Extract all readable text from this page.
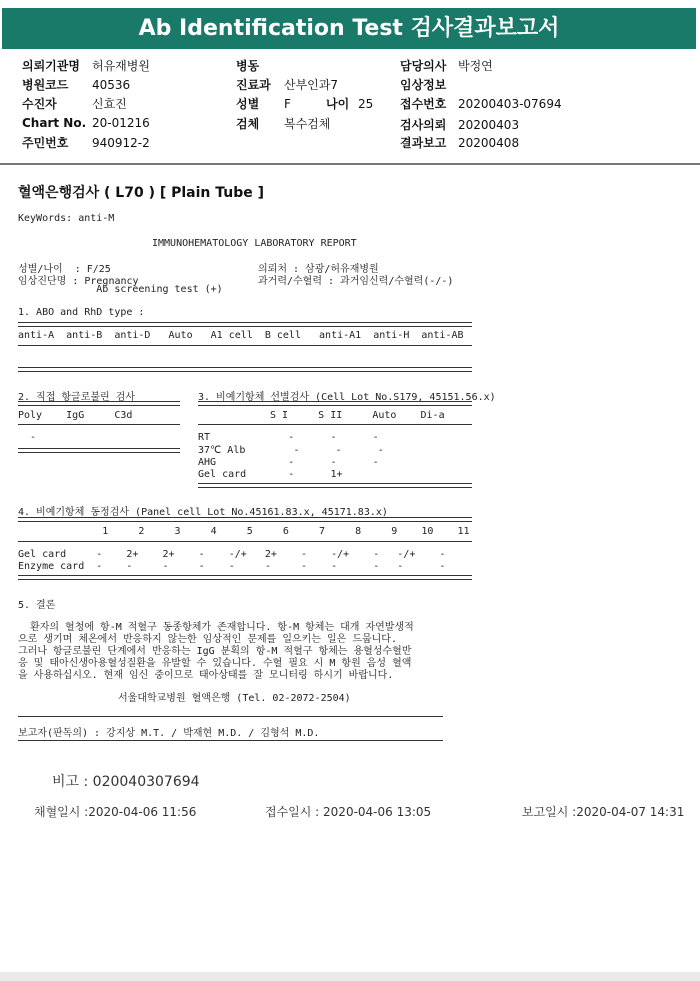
Ab Identification Test 검사결과보고서
의뢰기관명 허유재병원
병원코드 40536
수진자	신효진
Chart No. 20-01216
주민번호 940912-2
병동
진료과 산부인과7
성별 F	나이 25
검체 복수검체
담당의사 박정연
임상정보
접수번호 20200403-07694
검사의뢰 20200403
결과보고 20200408
혈액은행검사 ( L70 ) [ Plain Tube ]
KeyWords: anti-M
IMMUNOHEMATOLOGY LABORATORY REPORT
성별/나이  : F/25
임상진단명 : Pregnancy
Ab screening test (+)
의뢰처 : 삼광/허유재병원
과거력/수혈력 : 과거임신력/수혈력(-/-)
1. ABO and RhD type :
anti-A  anti-B  anti-D   Auto   A1 cell  B cell   anti-A1  anti-H  anti-AB
2. 직접 항글로불린 검사
Poly    IgG     C3d
-
3. 비예기항체 선별검사 (Cell Lot No.S179, 45151.56.x)
S I     S II     Auto    Di-a
RT             -      -      -
37℃ Alb        -      -      -
AHG            -      -      -
Gel card       -      1+
4. 비예기항체 동정검사 (Panel cell Lot No.45161.83.x, 45171.83.x)
1     2     3     4     5     6     7     8     9    10    11
Gel card     -    2+    2+    -    -/+   2+    -    -/+    -   -/+    -
Enzyme card  -    -     -     -    -     -     -    -      -   -      -
5. 결론
환자의 혈청에 항-M 적혈구 동종항체가 존재합니다. 항-M 항체는 대개 자연발생적
으로 생기며 체온에서 반응하지 않는한 임상적인 문제를 일으키는 일은 드뭅니다.
그러나 항글로불린 단계에서 반응하는 IgG 분획의 항-M 적혈구 항체는 용혈성수혈반
응 및 태아신생아용혈성질환을 유발할 수 있습니다. 수혈 필요 시 M 항원 음성 혈액
을 사용하십시오. 현재 임신 중이므로 태아상태를 잘 모니터링 하시기 바랍니다.
서울대학교병원 혈액은행 (Tel. 02-2072-2504)
보고자(판독의) : 강지상 M.T. / 박재현 M.D. / 김형석 M.D.
비고 : 020040307694
채혈일시 :2020-04-06 11:56	접수일시 : 2020-04-06 13:05	보고일시 :2020-04-07 14:31
